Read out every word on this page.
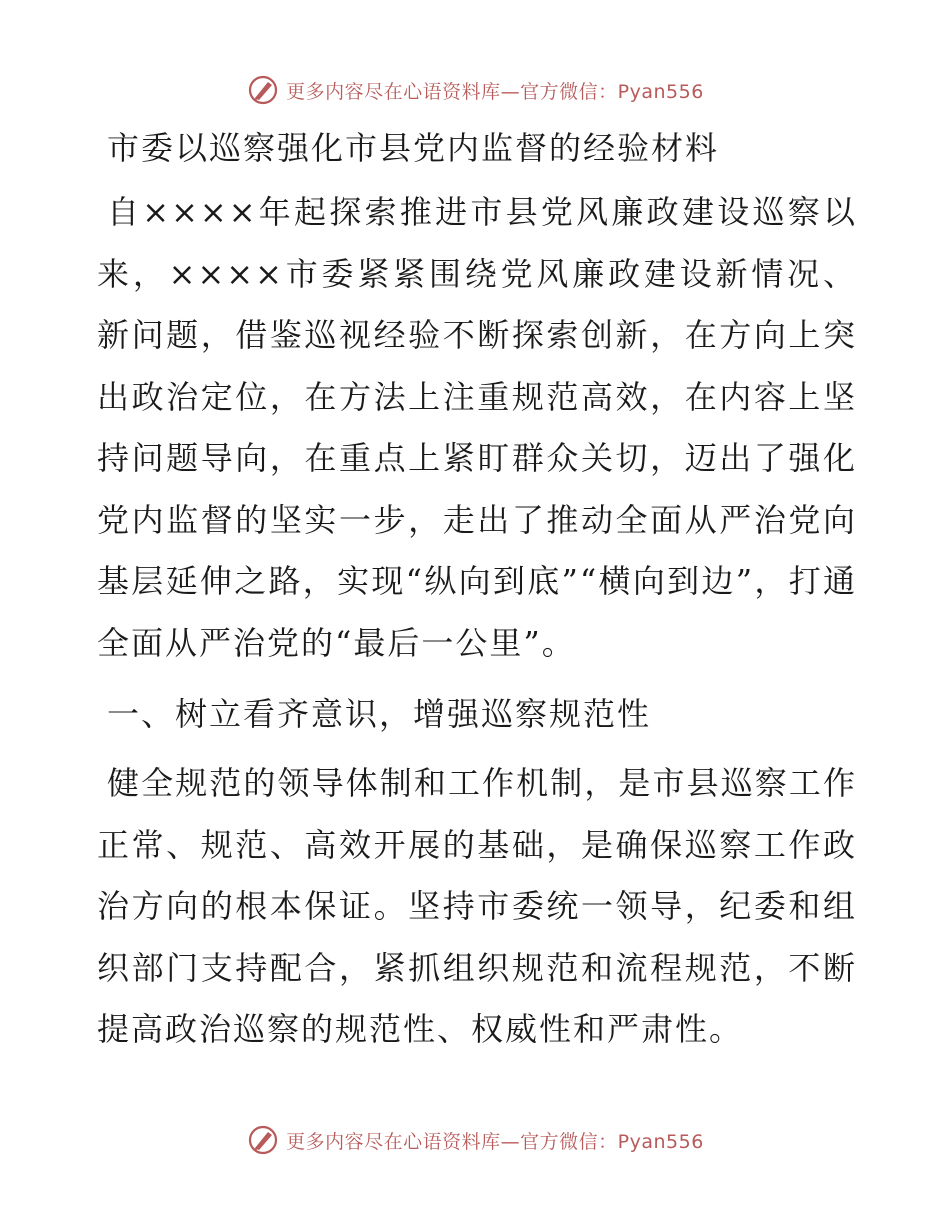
更多内容尽在心语资料库—官方微信：Pyan556
市委以巡察强化市县党内监督的经验材料

自××××年起探索推进市县党风廉政建设巡察以来，××××市委紧紧围绕党风廉政建设新情况、新问题，借鉴巡视经验不断探索创新，在方向上突出政治定位，在方法上注重规范高效，在内容上坚持问题导向，在重点上紧盯群众关切，迈出了强化党内监督的坚实一步，走出了推动全面从严治党向基层延伸之路，实现“纵向到底”“横向到边”，打通全面从严治党的“最后一公里”。

一、树立看齐意识，增强巡察规范性

健全规范的领导体制和工作机制，是市县巡察工作正常、规范、高效开展的基础，是确保巡察工作政治方向的根本保证。坚持市委统一领导，纪委和组织部门支持配合，紧抓组织规范和流程规范，不断提高政治巡察的规范性、权威性和严肃性。

更多内容尽在心语资料库—官方微信：Pyan556
